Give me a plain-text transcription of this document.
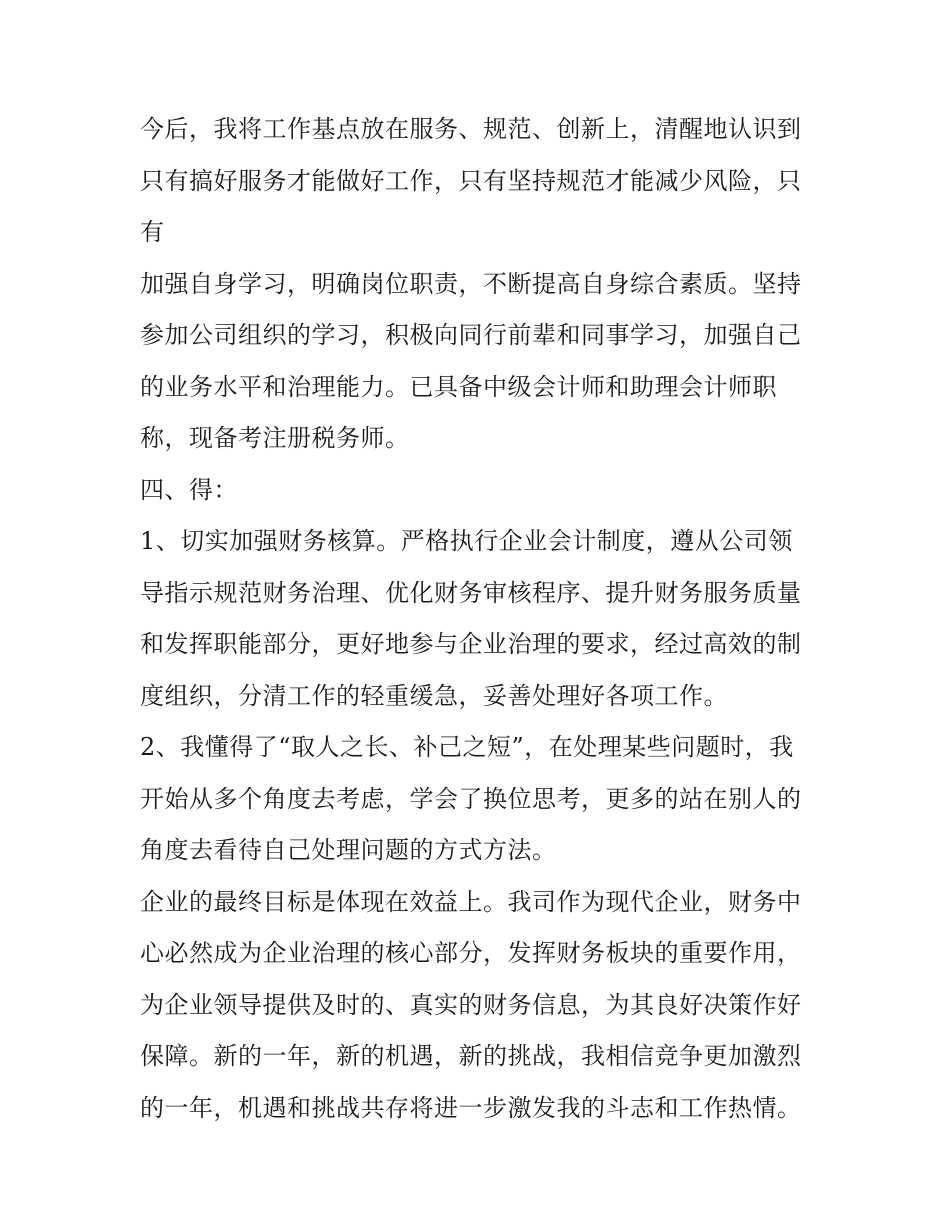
今后，我将工作基点放在服务、规范、创新上，清醒地认识到
只有搞好服务才能做好工作，只有坚持规范才能减少风险，只
有
加强自身学习，明确岗位职责，不断提高自身综合素质。坚持
参加公司组织的学习，积极向同行前辈和同事学习，加强自己
的业务水平和治理能力。已具备中级会计师和助理会计师职
称，现备考注册税务师。
四、得：
1、切实加强财务核算。严格执行企业会计制度，遵从公司领
导指示规范财务治理、优化财务审核程序、提升财务服务质量
和发挥职能部分，更好地参与企业治理的要求，经过高效的制
度组织，分清工作的轻重缓急，妥善处理好各项工作。
2、我懂得了“取人之长、补己之短”，在处理某些问题时，我
开始从多个角度去考虑，学会了换位思考，更多的站在别人的
角度去看待自己处理问题的方式方法。
企业的最终目标是体现在效益上。我司作为现代企业，财务中
心必然成为企业治理的核心部分，发挥财务板块的重要作用，
为企业领导提供及时的、真实的财务信息，为其良好决策作好
保障。新的一年，新的机遇，新的挑战，我相信竞争更加激烈
的一年，机遇和挑战共存将进一步激发我的斗志和工作热情。
